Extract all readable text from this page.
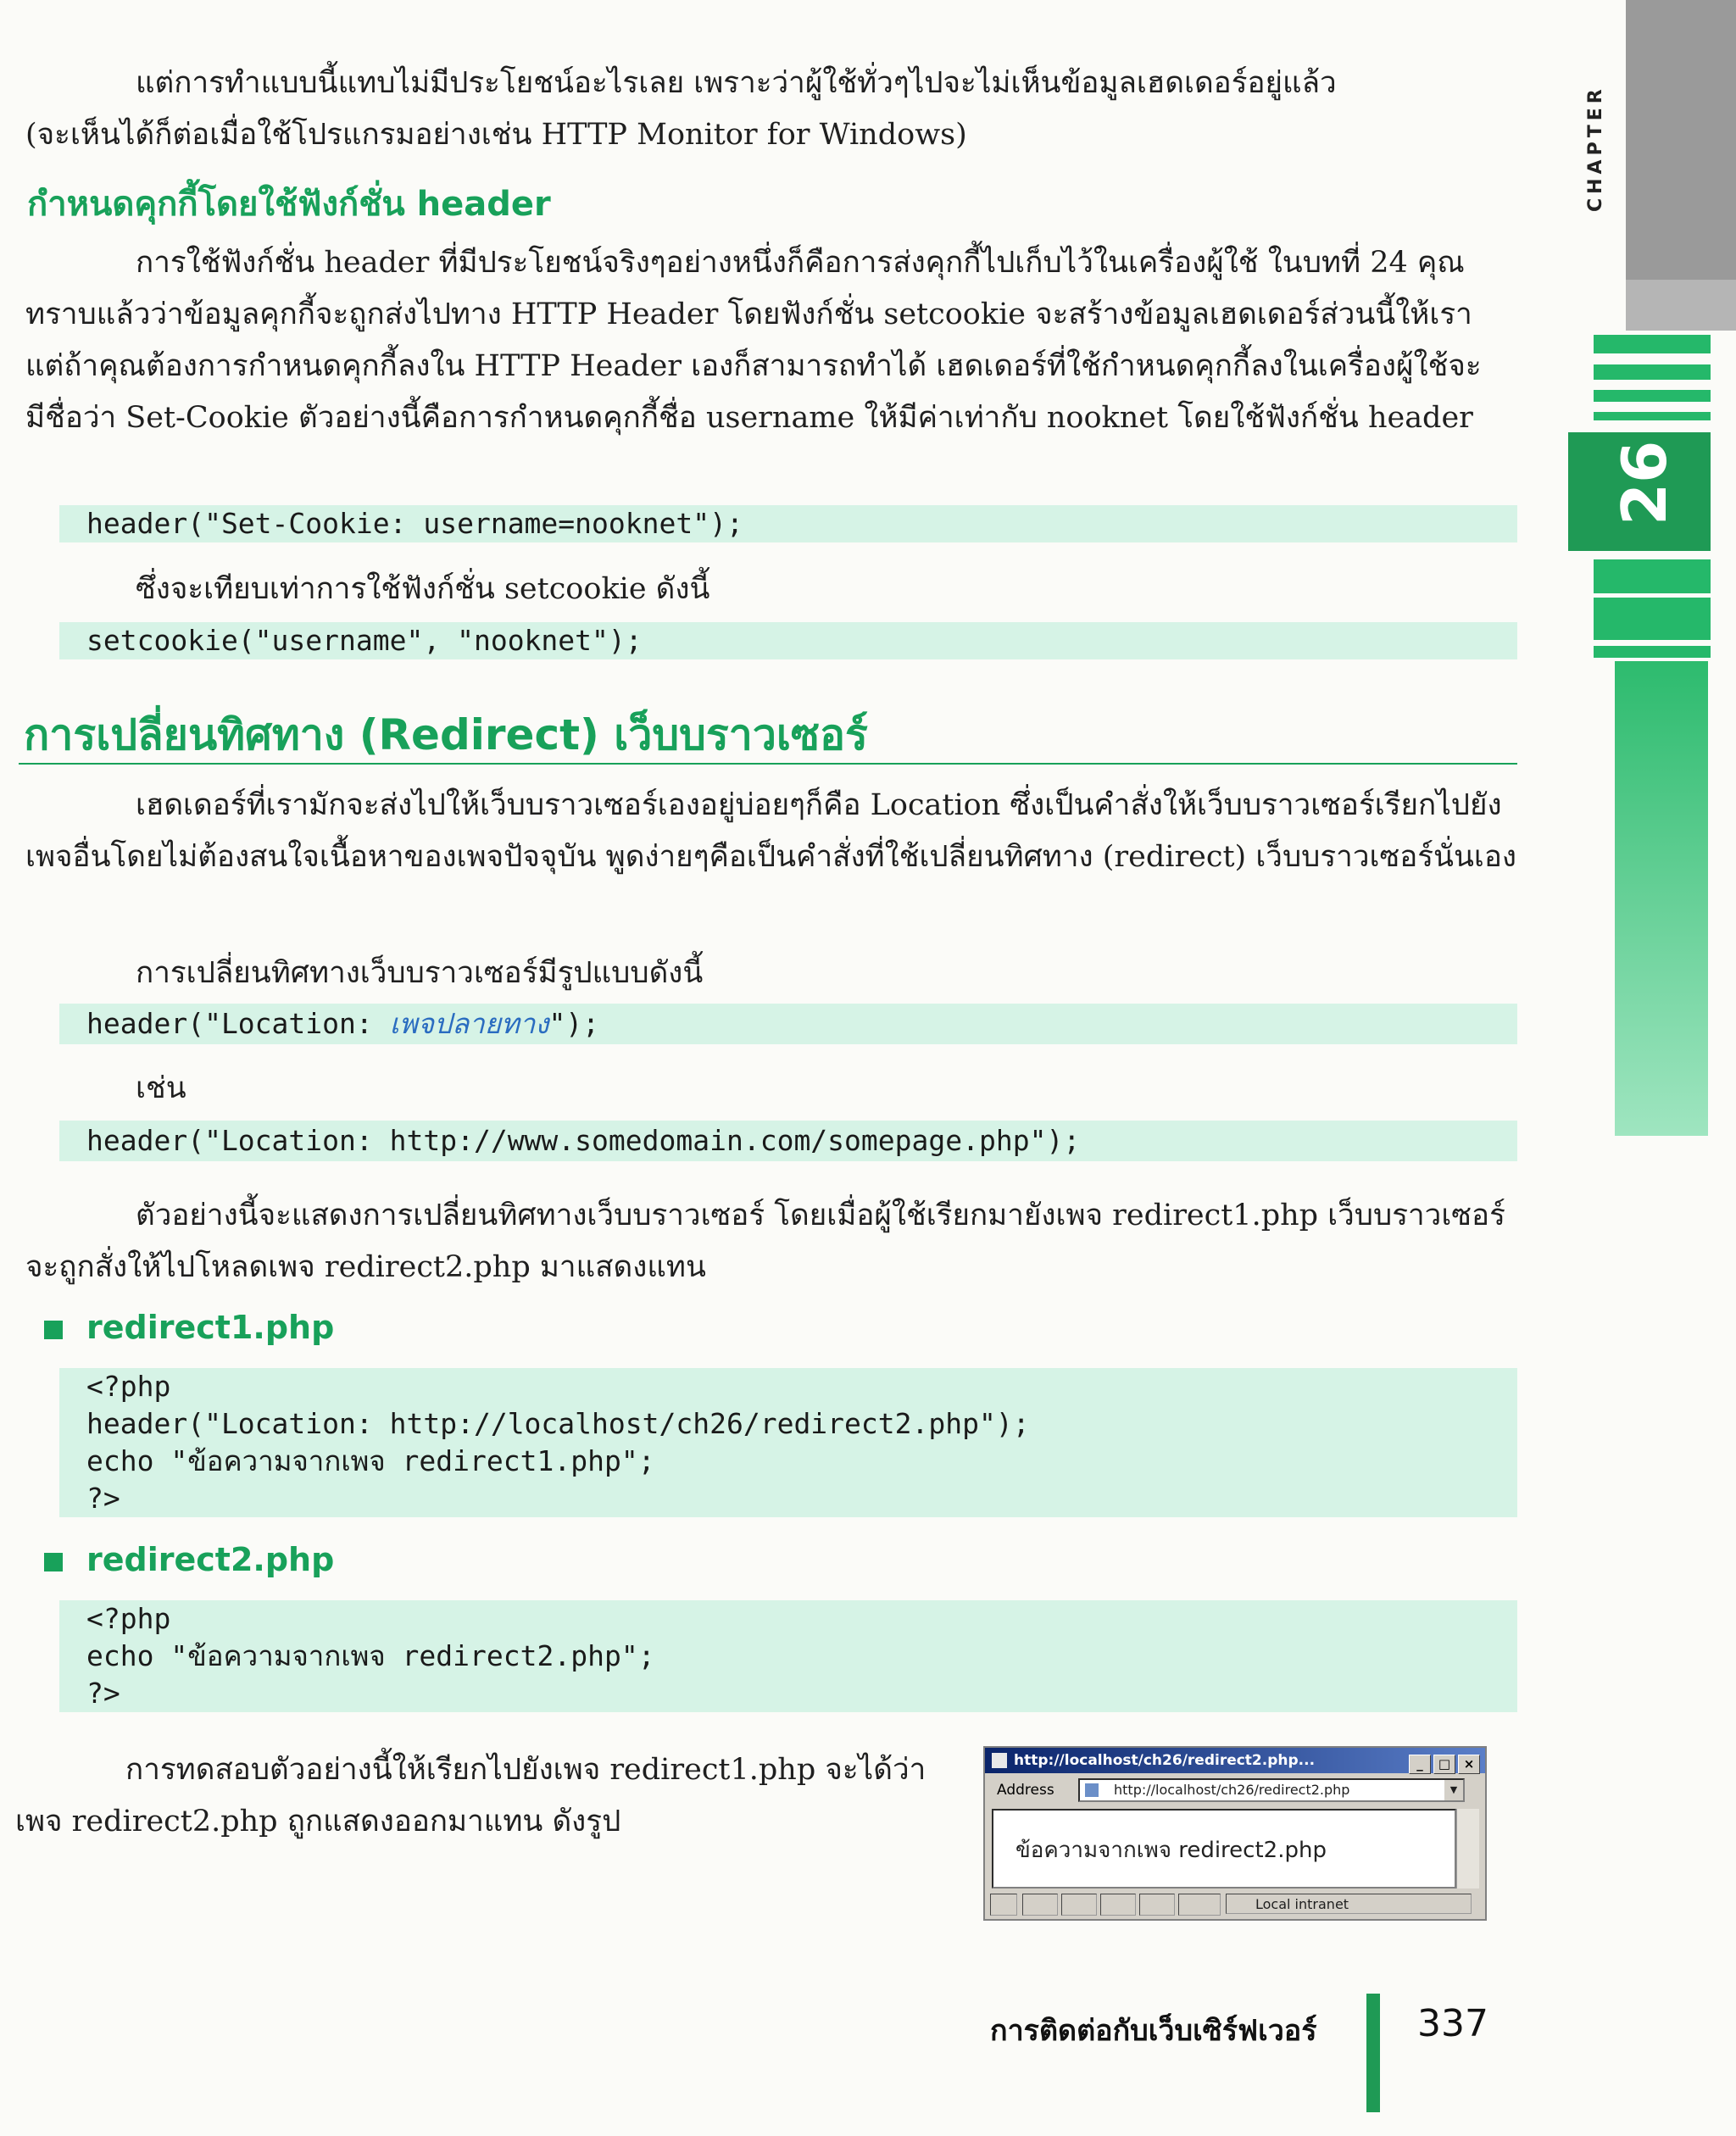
CHAPTER
26

แต่การทำแบบนี้แทบไม่มีประโยชน์อะไรเลย เพราะว่าผู้ใช้ทั่วๆไปจะไม่เห็นข้อมูลเฮดเดอร์อยู่แล้ว
(จะเห็นได้ก็ต่อเมื่อใช้โปรแกรมอย่างเช่น HTTP Monitor for Windows)

กำหนดคุกกี้โดยใช้ฟังก์ชั่น header

การใช้ฟังก์ชั่น header ที่มีประโยชน์จริงๆอย่างหนึ่งก็คือการส่งคุกกี้ไปเก็บไว้ในเครื่องผู้ใช้ ในบทที่ 24 คุณทราบแล้วว่าข้อมูลคุกกี้จะถูกส่งไปทาง HTTP Header โดยฟังก์ชั่น setcookie จะสร้างข้อมูลเฮดเดอร์ส่วนนี้ให้เรา แต่ถ้าคุณต้องการกำหนดคุกกี้ลงใน HTTP Header เองก็สามารถทำได้ เฮดเดอร์ที่ใช้กำหนดคุกกี้ลงในเครื่องผู้ใช้จะมีชื่อว่า Set-Cookie ตัวอย่างนี้คือการกำหนดคุกกี้ชื่อ username ให้มีค่าเท่ากับ nooknet โดยใช้ฟังก์ชั่น header

header("Set-Cookie: username=nooknet");

ซึ่งจะเทียบเท่าการใช้ฟังก์ชั่น setcookie ดังนี้

setcookie("username", "nooknet");
การเปลี่ยนทิศทาง (Redirect) เว็บบราวเซอร์

เฮดเดอร์ที่เรามักจะส่งไปให้เว็บบราวเซอร์เองอยู่บ่อยๆก็คือ Location ซึ่งเป็นคำสั่งให้เว็บบราวเซอร์เรียกไปยังเพจอื่นโดยไม่ต้องสนใจเนื้อหาของเพจปัจจุบัน พูดง่ายๆคือเป็นคำสั่งที่ใช้เปลี่ยนทิศทาง (redirect) เว็บบราวเซอร์นั่นเอง

การเปลี่ยนทิศทางเว็บบราวเซอร์มีรูปแบบดังนี้

header("Location: เพจปลายทาง");

เช่น

header("Location: http://www.somedomain.com/somepage.php");

ตัวอย่างนี้จะแสดงการเปลี่ยนทิศทางเว็บบราวเซอร์ โดยเมื่อผู้ใช้เรียกมายังเพจ redirect1.php เว็บบราวเซอร์จะถูกสั่งให้ไปโหลดเพจ redirect2.php มาแสดงแทน

redirect1.php
<?php
header("Location: http://localhost/ch26/redirect2.php");
echo "ข้อความจากเพจ redirect1.php";
?>
redirect2.php
<?php
echo "ข้อความจากเพจ redirect2.php";
?>

การทดสอบตัวอย่างนี้ให้เรียกไปยังเพจ redirect1.php จะได้ว่าเพจ redirect2.php ถูกแสดงออกมาแทน ดังรูป

http://localhost/ch26/redirect2.php...	_ □ ×
Address	http://localhost/ch26/redirect2.php	▼
ข้อความจากเพจ redirect2.php
Local intranet
การติดต่อกับเว็บเซิร์ฟเวอร์	337
